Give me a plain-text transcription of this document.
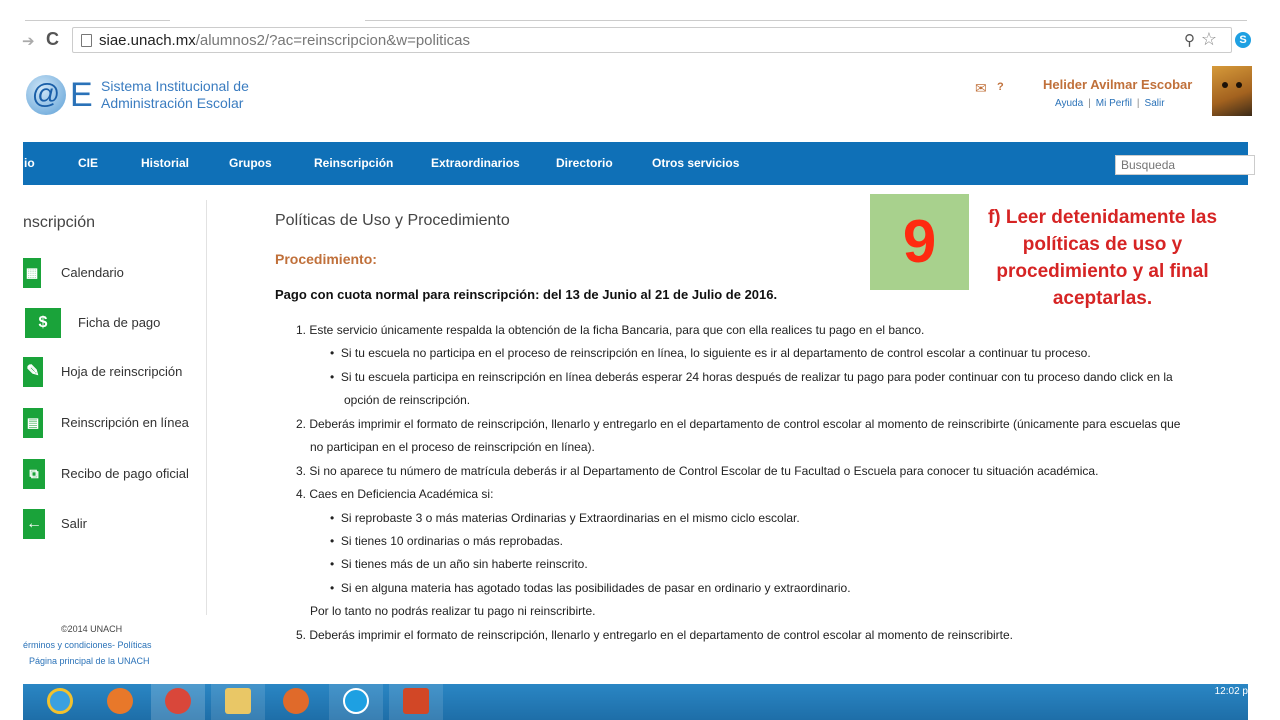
➔ C	siae.unach.mx/alumnos2/?ac=reinscripcion&w=politicas	⚲ ☆	S
@ E Sistema Institucional de
Administración Escolar
✉ ?	Helider Avilmar Escobar
Ayuda | Mi Perfil | Salir
io	CIE	Historial	Grupos	Reinscripción	Extraordinarios	Directorio	Otros servicios
Busqueda
nscripción
▦ Calendario
$	Ficha de pago
✎ Hoja de reinscripción
▤ Reinscripción en línea
⧉	Recibo de pago oficial
← Salir
©2014 UNACH
érminos y condiciones- Políticas
Página principal de la UNACH
Políticas de Uso y Procedimiento
Procedimiento:
Pago con cuota normal para reinscripción: del 13 de Junio al 21 de Julio de 2016.
1. Este servicio únicamente respalda la obtención de la ficha Bancaria, para que con ella realices tu pago en el banco.
•  Si tu escuela no participa en el proceso de reinscripción en línea, lo siguiente es ir al departamento de control escolar a continuar tu proceso.
•  Si tu escuela participa en reinscripción en línea deberás esperar 24 horas después de realizar tu pago para poder continuar con tu proceso dando click en la
opción de reinscripción.
2. Deberás imprimir el formato de reinscripción, llenarlo y entregarlo en el departamento de control escolar al momento de reinscribirte (únicamente para escuelas que
no participan en el proceso de reinscripción en línea).
3. Si no aparece tu número de matrícula deberás ir al Departamento de Control Escolar de tu Facultad o Escuela para conocer tu situación académica.
4. Caes en Deficiencia Académica si:
•  Si reprobaste 3 o más materias Ordinarias y Extraordinarias en el mismo ciclo escolar.
•  Si tienes 10 ordinarias o más reprobadas.
•  Si tienes más de un año sin haberte reinscrito.
•  Si en alguna materia has agotado todas las posibilidades de pasar en ordinario y extraordinario.
Por lo tanto no podrás realizar tu pago ni reinscribirte.
5. Deberás imprimir el formato de reinscripción, llenarlo y entregarlo en el departamento de control escolar al momento de reinscribirte.
9	f) Leer detenidamente las políticas de uso y procedimiento y al final aceptarlas.
12:02 p
